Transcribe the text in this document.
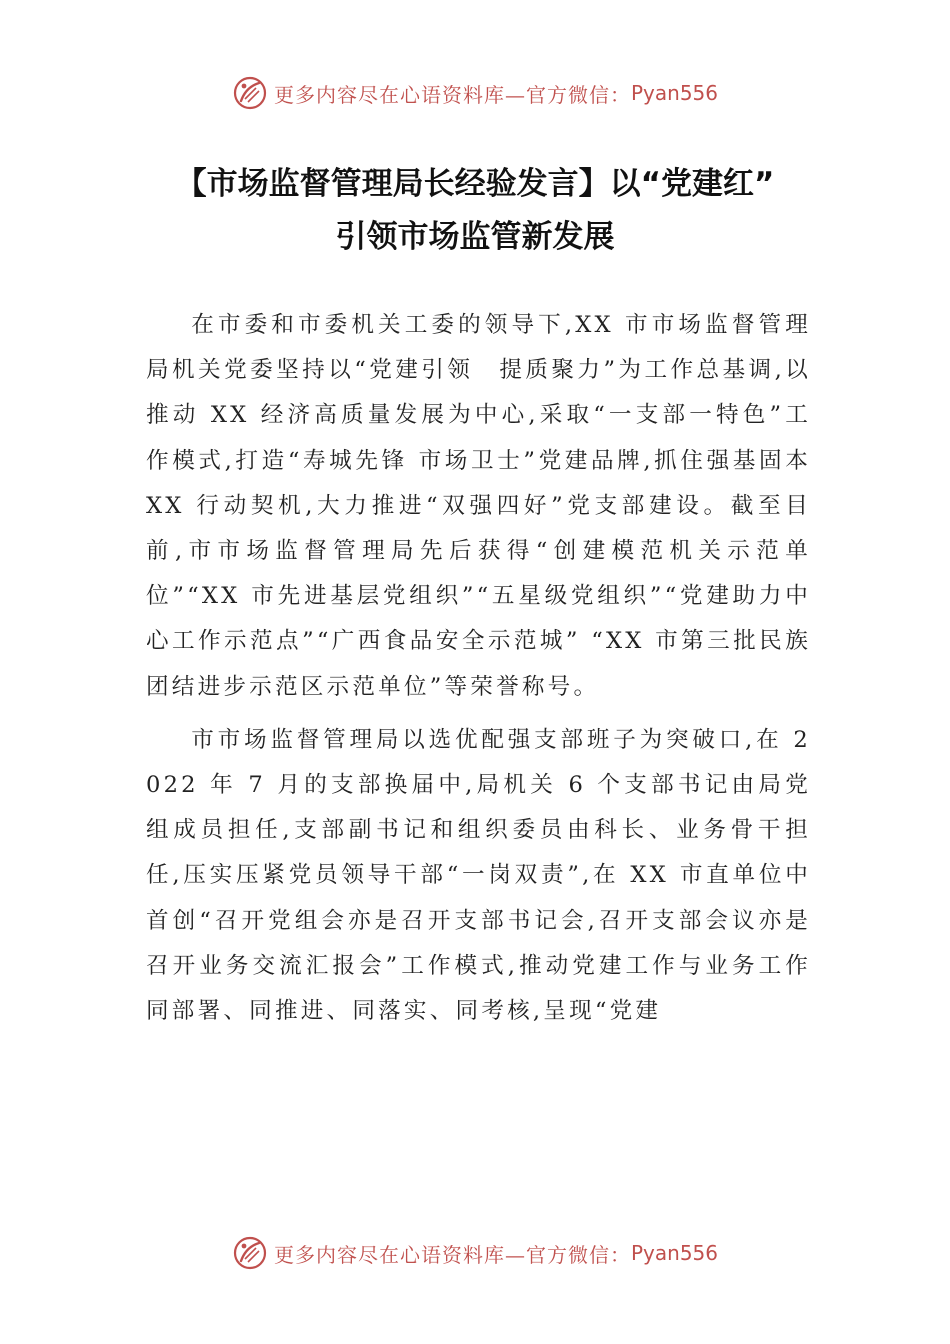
更多内容尽在心语资料库—官方微信： Pyan556
【市场监督管理局长经验发言】以“党建红”
引领市场监管新发展

在市委和市委机关工委的领导下,XX 市市场监督管理局机关党委坚持以“党建引领　提质聚力”为工作总基调,以推动 XX 经济高质量发展为中心,采取“一支部一特色”工作模式,打造“寿城先锋 市场卫士”党建品牌,抓住强基固本 XX 行动契机,大力推进“双强四好”党支部建设。截至目前,市市场监督管理局先后获得“创建模范机关示范单位”“XX 市先进基层党组织”“五星级党组织”“党建助力中心工作示范点”“广西食品安全示范城” “XX 市第三批民族团结进步示范区示范单位”等荣誉称号。

市市场监督管理局以选优配强支部班子为突破口,在 2022 年 7 月的支部换届中,局机关 6 个支部书记由局党组成员担任,支部副书记和组织委员由科长、业务骨干担任,压实压紧党员领导干部“一岗双责”,在 XX 市直单位中首创“召开党组会亦是召开支部书记会,召开支部会议亦是召开业务交流汇报会”工作模式,推动党建工作与业务工作同部署、同推进、同落实、同考核,呈现“党建

更多内容尽在心语资料库—官方微信： Pyan556
